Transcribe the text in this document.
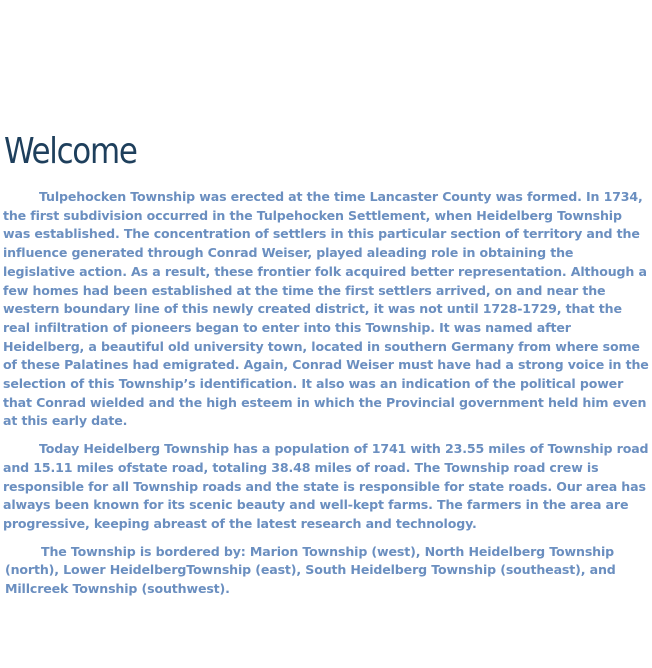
Welcome

Tulpehocken Township was erected at the time Lancaster County was formed. In 1734, the first subdivision occurred in the Tulpehocken Settlement, when Heidelberg Township was established. The concentration of settlers in this particular section of territory and the influence generated through Conrad Weiser, played aleading role in obtaining the legislative action. As a result, these frontier folk acquired better representation. Although a few homes had been established at the time the first settlers arrived, on and near the western boundary line of this newly created district, it was not until 1728-1729, that the real infiltration of pioneers began to enter into this Township. It was named after Heidelberg, a beautiful old university town, located in southern Germany from where some of these Palatines had emigrated. Again, Conrad Weiser must have had a strong voice in the selection of this Township’s identification. It also was an indication of the political power that Conrad wielded and the high esteem in which the Provincial government held him even at this early date.

Today Heidelberg Township has a population of 1741 with 23.55 miles of Township road and 15.11 miles ofstate road, totaling 38.48 miles of road. The Township road crew is responsible for all Township roads and the state is responsible for state roads. Our area has always been known for its scenic beauty and well-kept farms. The farmers in the area are progressive, keeping abreast of the latest research and technology.

The Township is bordered by: Marion Township (west), North Heidelberg Township (north), Lower HeidelbergTownship (east), South Heidelberg Township (southeast), and Millcreek Township (southwest).
